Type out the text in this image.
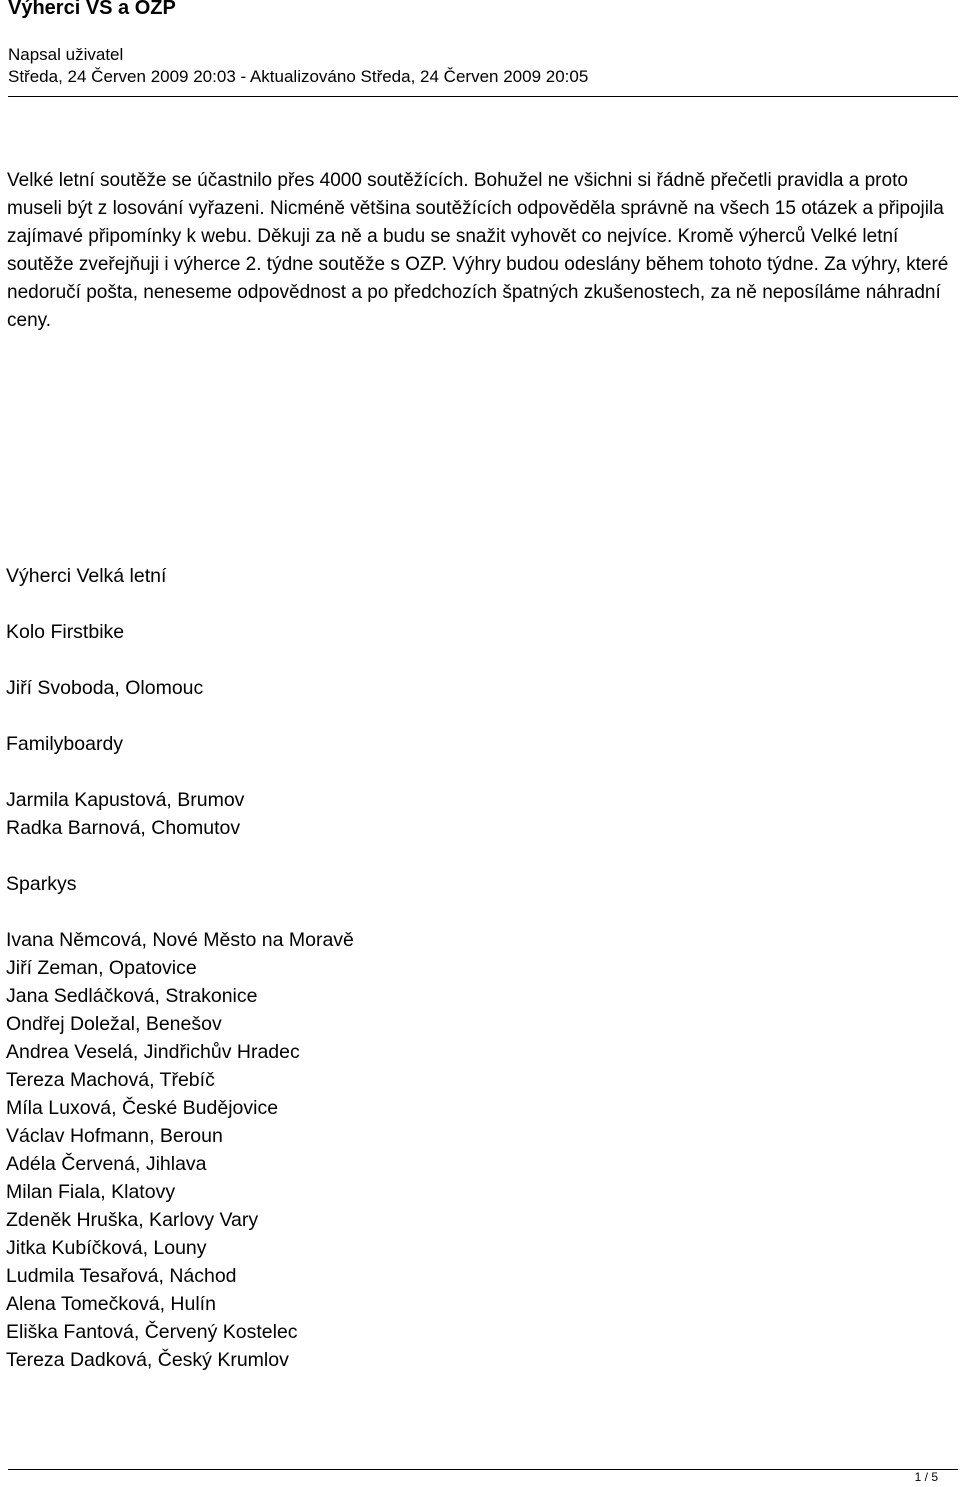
Výherci VS a OZP
Napsal uživatel
Středa, 24 Červen 2009 20:03 - Aktualizováno Středa, 24 Červen 2009 20:05

Velké letní soutěže se účastnilo přes 4000 soutěžících. Bohužel ne všichni si řádně přečetli pravidla a proto museli být z losování vyřazeni. Nicméně většina soutěžících odpověděla správně na všech 15 otázek a připojila zajímavé připomínky k webu. Děkuji za ně a budu se snažit vyhovět co nejvíce. Kromě výherců Velké letní soutěže zveřejňuji i výherce 2. týdne soutěže s OZP. Výhry budou odeslány během tohoto týdne. Za výhry, které nedoručí pošta, neneseme odpovědnost a po předchozích špatných zkušenostech, za ně neposíláme náhradní ceny.

Výherci Velká letní

Kolo Firstbike

Jiří Svoboda, Olomouc

Familyboardy

Jarmila Kapustová, Brumov

Radka Barnová, Chomutov

Sparkys

Ivana Němcová, Nové Město na Moravě

Jiří Zeman, Opatovice

Jana Sedláčková, Strakonice

Ondřej Doležal, Benešov

Andrea Veselá, Jindřichův Hradec

Tereza Machová, Třebíč

Míla Luxová, České Budějovice

Václav Hofmann, Beroun

Adéla Červená, Jihlava

Milan Fiala, Klatovy

Zdeněk Hruška, Karlovy Vary

Jitka Kubíčková, Louny

Ludmila Tesařová, Náchod

Alena Tomečková, Hulín

Eliška Fantová, Červený Kostelec

Tereza Dadková, Český Krumlov

1 / 5
